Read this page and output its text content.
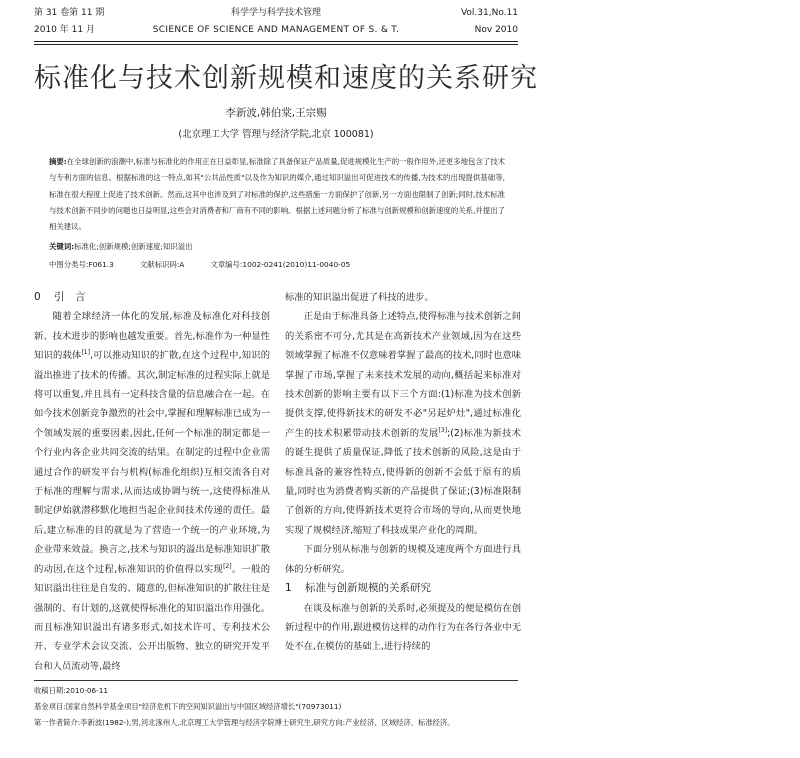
第 31 卷第 11 期	科学学与科学技术管理	Vol.31,No.11
2010 年 11 月	SCIENCE OF SCIENCE AND MANAGEMENT OF S. & T.	Nov 2010
标准化与技术创新规模和速度的关系研究
李新波,韩伯棠,王宗赐
(北京理工大学 管理与经济学院,北京 100081)
摘要:在全球创新的浪潮中,标准与标准化的作用正在日益彰显,标准除了具备保证产品质量,促进规模化生产的一般作用外,还更多地包含了技术与专利方面的信息。根据标准的这一特点,如其"公共品性质"以及作为知识的媒介,通过知识溢出可促进技术的传播,为技术的出现提供基础等,标准在很大程度上促进了技术创新。然而,这其中也涉及到了对标准的保护,这些措施一方面保护了创新,另一方面也限制了创新;同时,技术标准与技术创新不同步的问题也日益明显,这些会对消费者和厂商有不同的影响。根据上述问题分析了标准与创新规模和创新速度的关系,并提出了相关建议。
关键词:标准化;创新规模;创新速度;知识溢出
中图分类号:F061.3	文献标识码:A	文章编号:1002-0241(2010)11-0040-05
0 引　言

随着全球经济一体化的发展,标准及标准化对科技创新、技术进步的影响也越发重要。首先,标准作为一种显性知识的载体[1],可以推动知识的扩散,在这个过程中,知识的溢出推进了技术的传播。其次,制定标准的过程实际上就是将可以重复,并且具有一定科技含量的信息融合在一起。在如今技术创新竞争激烈的社会中,掌握和理解标准已成为一个领域发展的重要因素,因此,任何一个标准的制定都是一个行业内各企业共同交流的结果。在制定的过程中企业需通过合作的研发平台与机构(标准化组织)互相交流各自对于标准的理解与需求,从而达成协调与统一,这使得标准从制定伊始就潜移默化地担当起企业间技术传递的责任。最后,建立标准的目的就是为了营造一个统一的产业环境,为企业带来效益。换言之,技术与知识的溢出是标准知识扩散的动因,在这个过程,标准知识的价值得以实现[2]。一般的知识溢出往往是自发的、随意的,但标准知识的扩散往往是强制的、有计划的,这就使得标准化的知识溢出作用强化。而且标准知识溢出有诸多形式,如技术许可、专利技术公开、专业学术会议交流、公开出版物、独立的研究开发平台和人员流动等,最终

标准的知识溢出促进了科技的进步。

正是由于标准具备上述特点,使得标准与技术创新之间的关系密不可分,尤其是在高新技术产业领域,因为在这些领域掌握了标准不仅意味着掌握了最高的技术,同时也意味掌握了市场,掌握了未来技术发展的动向,概括起来标准对技术创新的影响主要有以下三个方面:(1)标准为技术创新提供支撑,使得新技术的研发不必"另起炉灶",通过标准化产生的技术积累带动技术创新的发展[3];(2)标准为新技术的诞生提供了质量保证,降低了技术创新的风险,这是由于标准具备的兼容性特点,使得新的创新不会低于原有的质量,同时也为消费者购买新的产品提供了保证;(3)标准限制了创新的方向,使得新技术更符合市场的导向,从而更快地实现了规模经济,缩短了科技成果产业化的周期。

下面分别从标准与创新的规模及速度两个方面进行具体的分析研究。

1 标准与创新规模的关系研究

在谈及标准与创新的关系时,必须提及的便是模仿在创新过程中的作用,跟进模仿这样的动作行为在各行各业中无处不在,在模仿的基础上,进行持续的

收稿日期:2010-06-11
基金项目:国家自然科学基金项目"经济危机下的空间知识溢出与中国区域经济增长"(70973011)
第一作者简介:李新波(1982-),男,河北涿州人,北京理工大学管理与经济学院博士研究生,研究方向:产业经济、区域经济、标准经济。
